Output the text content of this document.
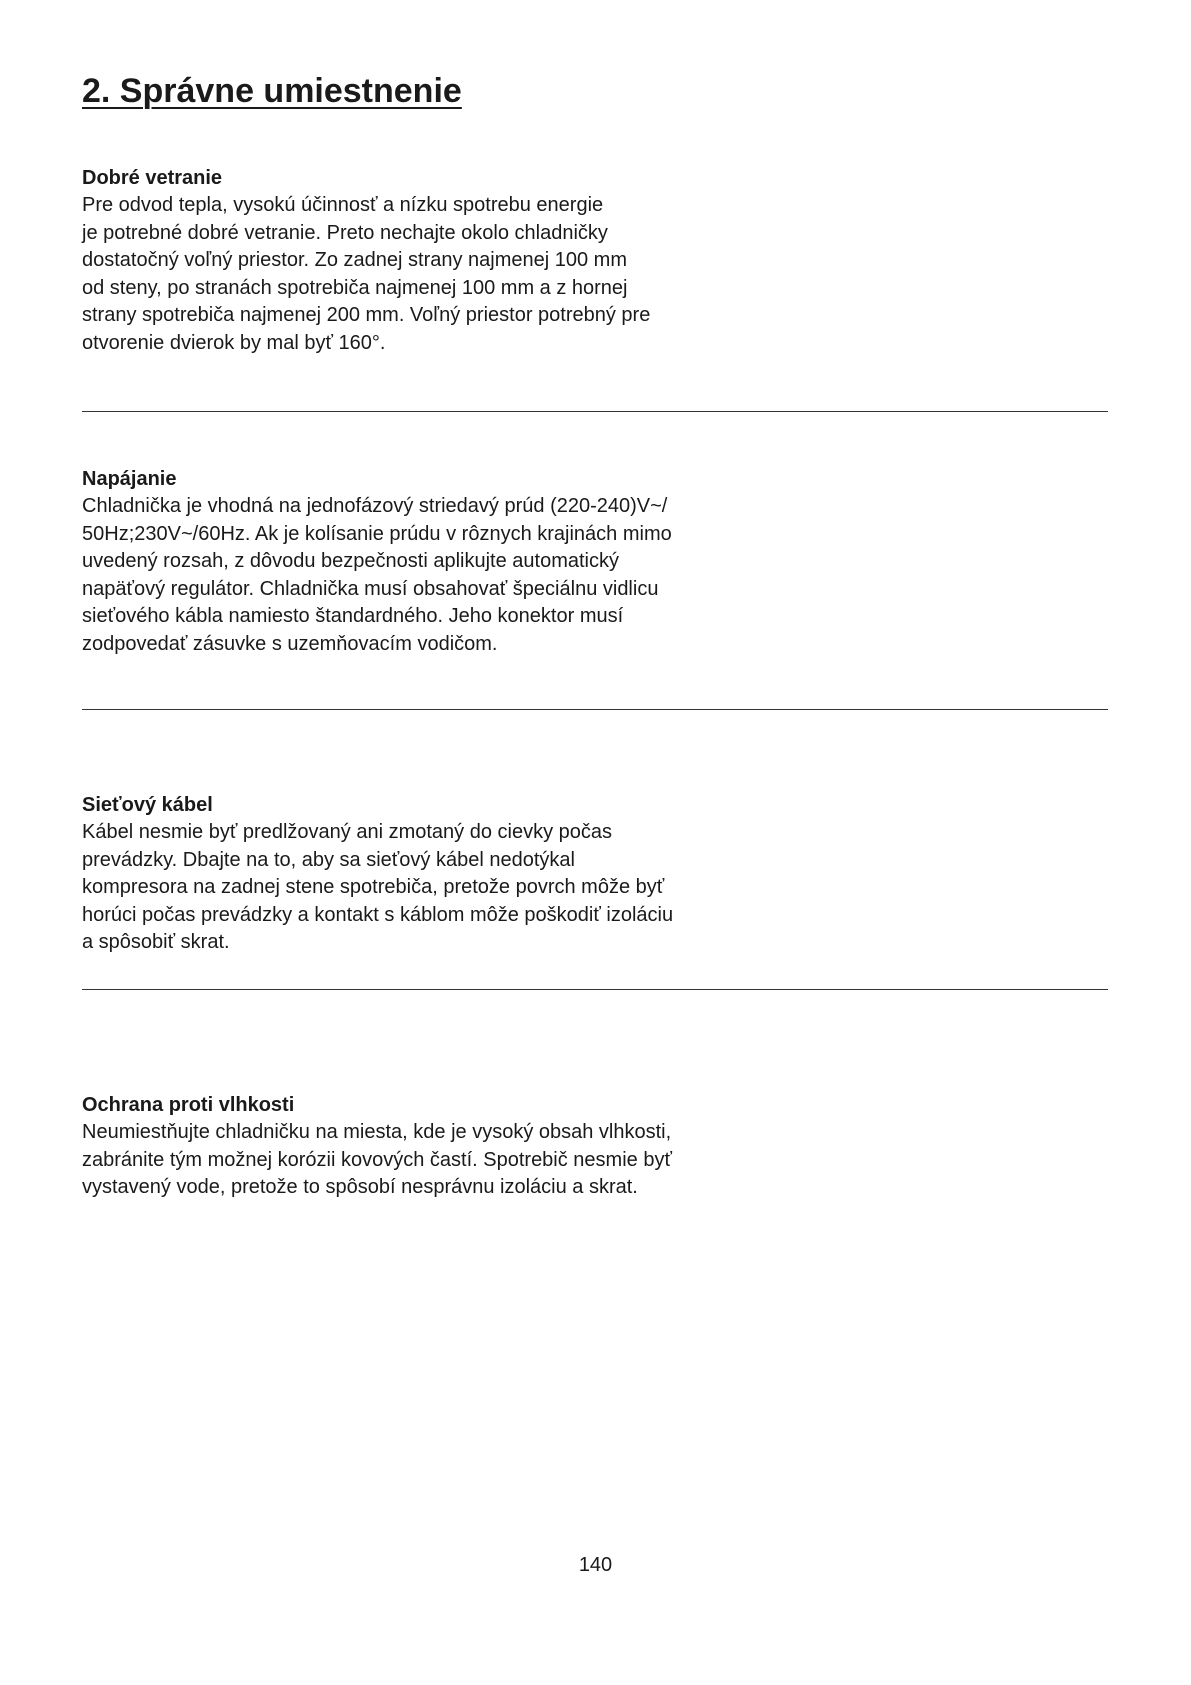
2. Správne umiestnenie
Dobré vetranie
Pre odvod tepla, vysokú účinnosť a nízku spotrebu energie
je potrebné dobré vetranie. Preto nechajte okolo chladničky
dostatočný voľný priestor. Zo zadnej strany najmenej 100 mm
od steny, po stranách spotrebiča najmenej 100 mm a z hornej
strany spotrebiča najmenej 200 mm. Voľný priestor potrebný pre
otvorenie dvierok by mal byť 160°.
Napájanie
Chladnička je vhodná na jednofázový striedavý prúd (220-240)V~/
50Hz;230V~/60Hz. Ak je kolísanie prúdu v rôznych krajinách mimo
uvedený rozsah, z dôvodu bezpečnosti aplikujte automatický
napäťový regulátor. Chladnička musí obsahovať špeciálnu vidlicu
sieťového kábla namiesto štandardného. Jeho konektor musí
zodpovedať zásuvke s uzemňovacím vodičom.
Sieťový kábel
Kábel nesmie byť predlžovaný ani zmotaný do cievky počas
prevádzky. Dbajte na to, aby sa sieťový kábel nedotýkal
kompresora na zadnej stene spotrebiča, pretože povrch môže byť
horúci počas prevádzky a kontakt s káblom môže poškodiť izoláciu
a spôsobiť skrat.
Ochrana proti vlhkosti
Neumiestňujte chladničku na miesta, kde je vysoký obsah vlhkosti,
zabránite tým možnej korózii kovových častí. Spotrebič nesmie byť
vystavený vode, pretože to spôsobí nesprávnu izoláciu a skrat.
140
